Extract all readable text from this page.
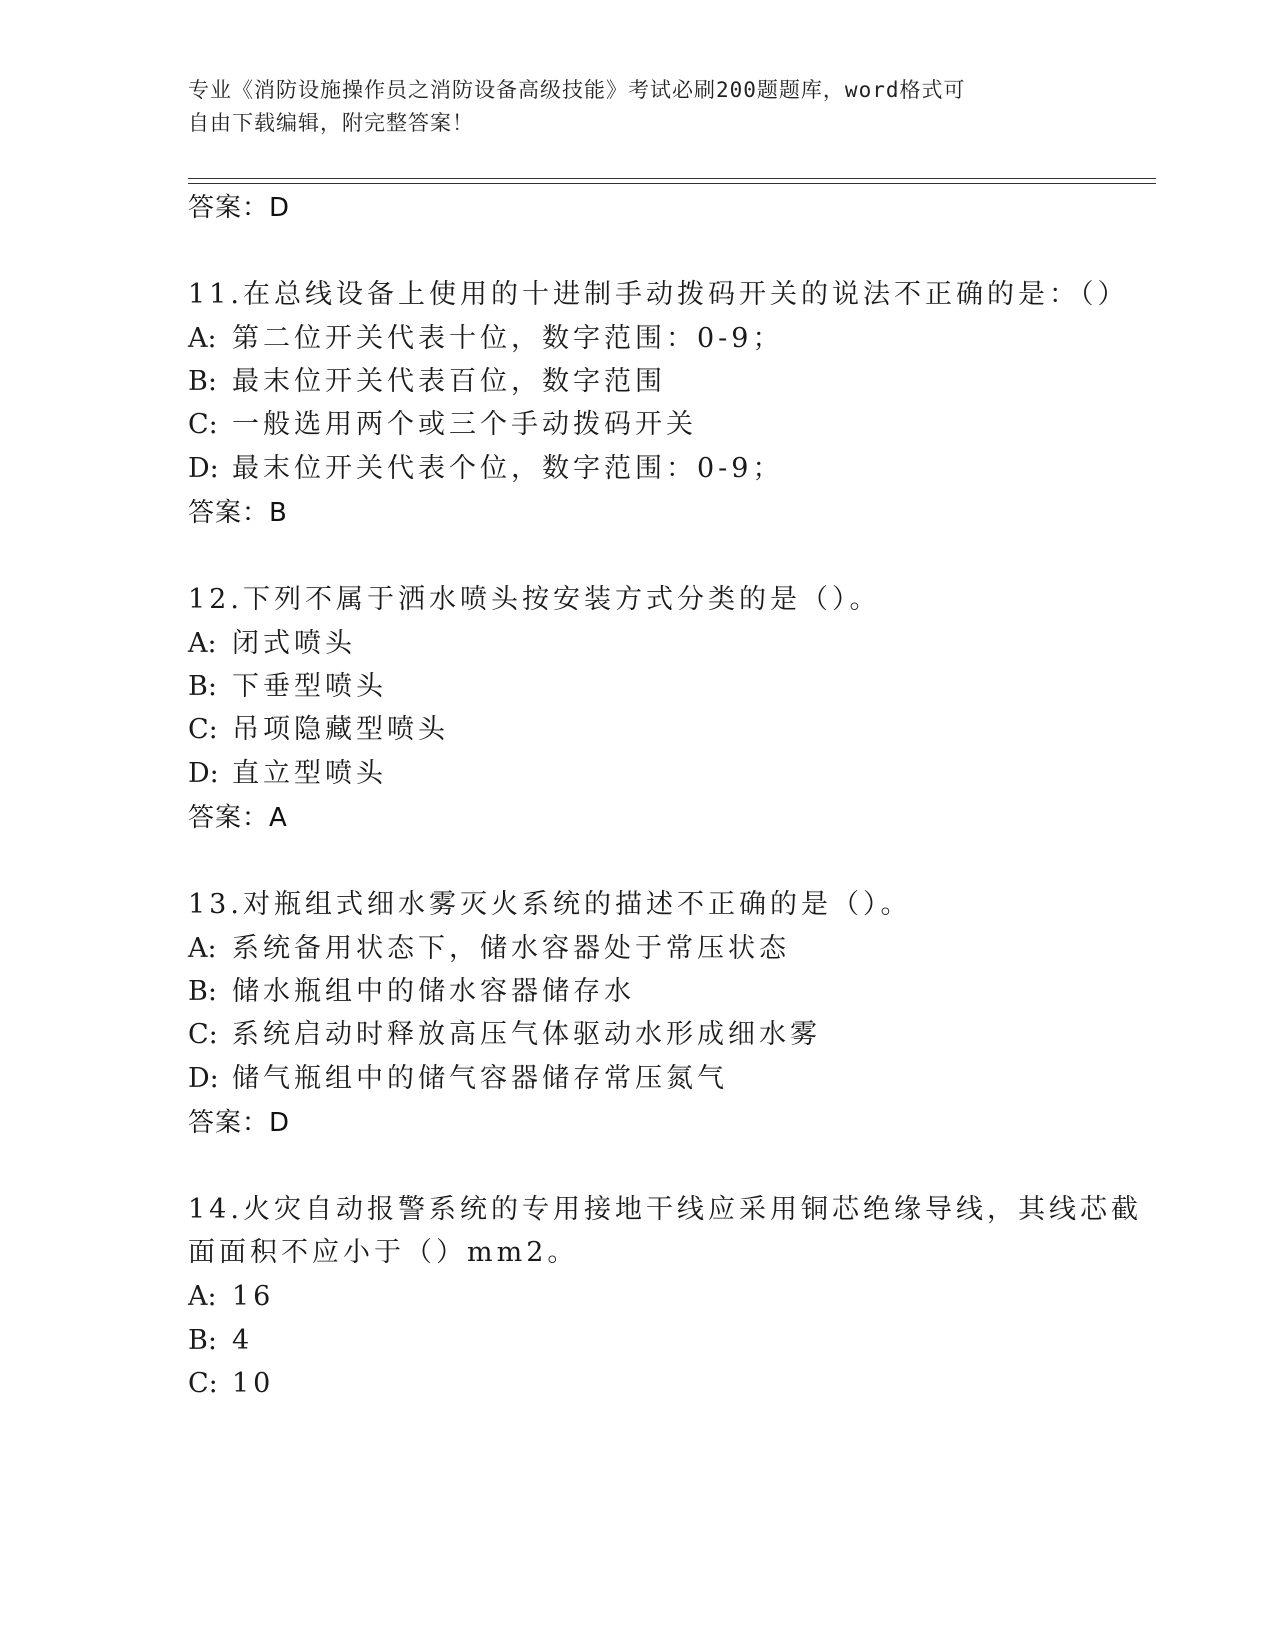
专业《消防设施操作员之消防设备高级技能》考试必刷200题题库，word格式可
自由下载编辑，附完整答案！
答案：D
11.在总线设备上使用的十进制手动拨码开关的说法不正确的是：（）
A: 第二位开关代表十位，数字范围：0-9；
B: 最末位开关代表百位，数字范围
C: 一般选用两个或三个手动拨码开关
D: 最末位开关代表个位，数字范围：0-9；
答案：B
12.下列不属于洒水喷头按安装方式分类的是（）。
A: 闭式喷头
B: 下垂型喷头
C: 吊项隐藏型喷头
D: 直立型喷头
答案：A
13.对瓶组式细水雾灭火系统的描述不正确的是（）。
A: 系统备用状态下，储水容器处于常压状态
B: 储水瓶组中的储水容器储存水
C: 系统启动时释放高压气体驱动水形成细水雾
D: 储气瓶组中的储气容器储存常压氮气
答案：D
14.火灾自动报警系统的专用接地干线应采用铜芯绝缘导线，其线芯截
面面积不应小于（）mm2。
A: 16
B: 4
C: 10
